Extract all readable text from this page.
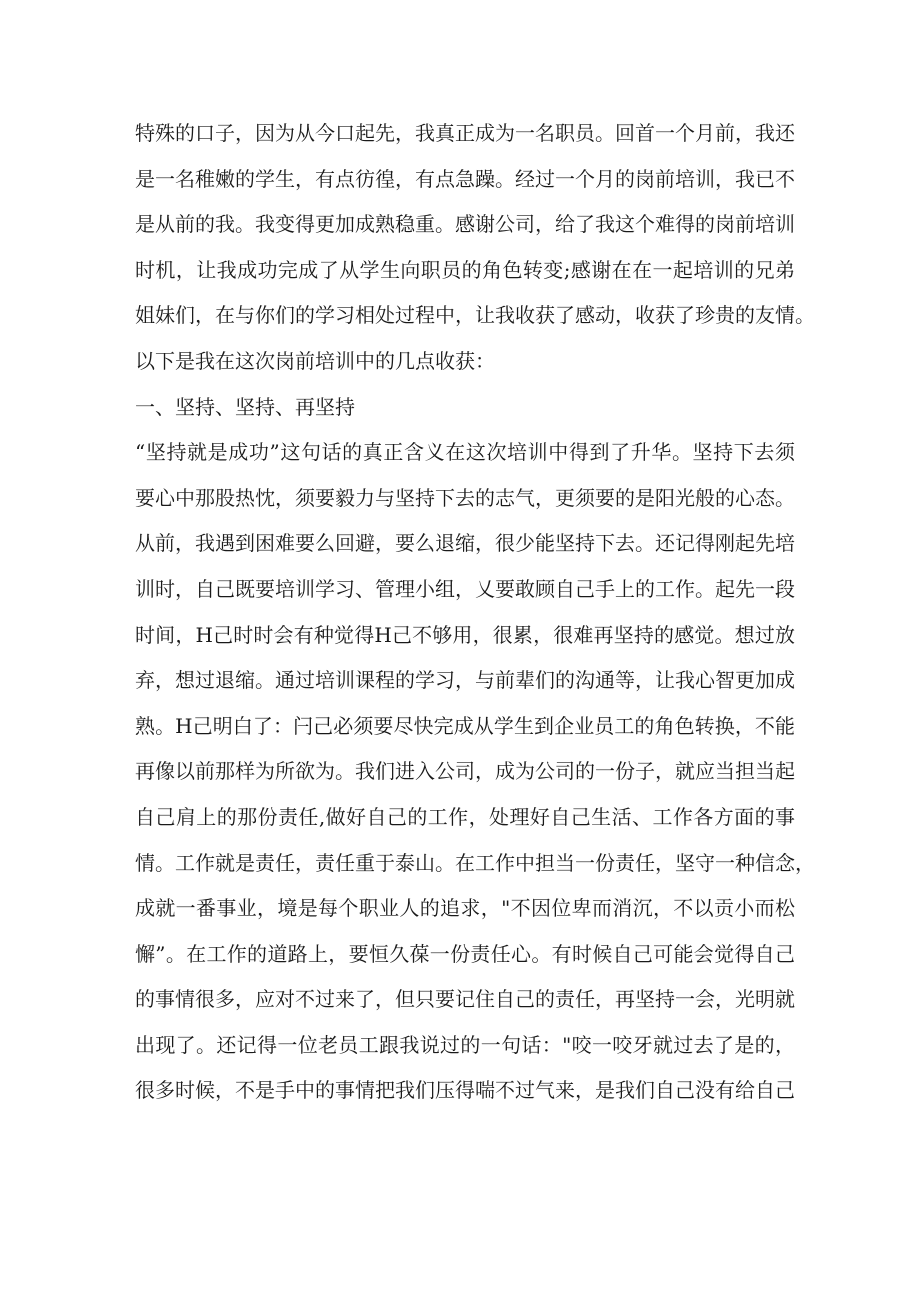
特殊的口子，因为从今口起先，我真正成为一名职员。回首一个月前，我还
是一名稚嫩的学生，有点彷徨，有点急躁。经过一个月的岗前培训，我已不
是从前的我。我变得更加成熟稳重。感谢公司，给了我这个难得的岗前培训
时机，让我成功完成了从学生向职员的角色转变;感谢在在一起培训的兄弟
姐妹们，在与你们的学习相处过程中，让我收获了感动，收获了珍贵的友情。
以下是我在这次岗前培训中的几点收获：
一、坚持、坚持、再坚持
“坚持就是成功”这句话的真正含义在这次培训中得到了升华。坚持下去须
要心中那股热忱，须要毅力与坚持下去的志气，更须要的是阳光般的心态。
从前，我遇到困难要么回避，要么退缩，很少能坚持下去。还记得刚起先培
训时，自己既要培训学习、管理小组，乂要敢顾自己手上的工作。起先一段
时间，H己时时会有种觉得H己不够用，很累，很难再坚持的感觉。想过放
弃，想过退缩。通过培训课程的学习，与前辈们的沟通等，让我心智更加成
熟。H己明白了：闩己必须要尽快完成从学生到企业员工的角色转换，不能
再像以前那样为所欲为。我们进入公司，成为公司的一份子，就应当担当起
自己肩上的那份责任,做好自己的工作，处理好自己生活、工作各方面的事
情。工作就是责任，责任重于泰山。在工作中担当一份责任，坚守一种信念，
成就一番事业，境是每个职业人的追求，"不因位卑而消沉，不以贡小而松
懈”。在工作的道路上，要恒久葆一份责任心。有时候自己可能会觉得自己
的事情很多，应对不过来了，但只要记住自己的责任，再坚持一会，光明就
出现了。还记得一位老员工跟我说过的一句话："咬一咬牙就过去了是的，
很多时候，不是手中的事情把我们压得喘不过气来，是我们自己没有给自己
